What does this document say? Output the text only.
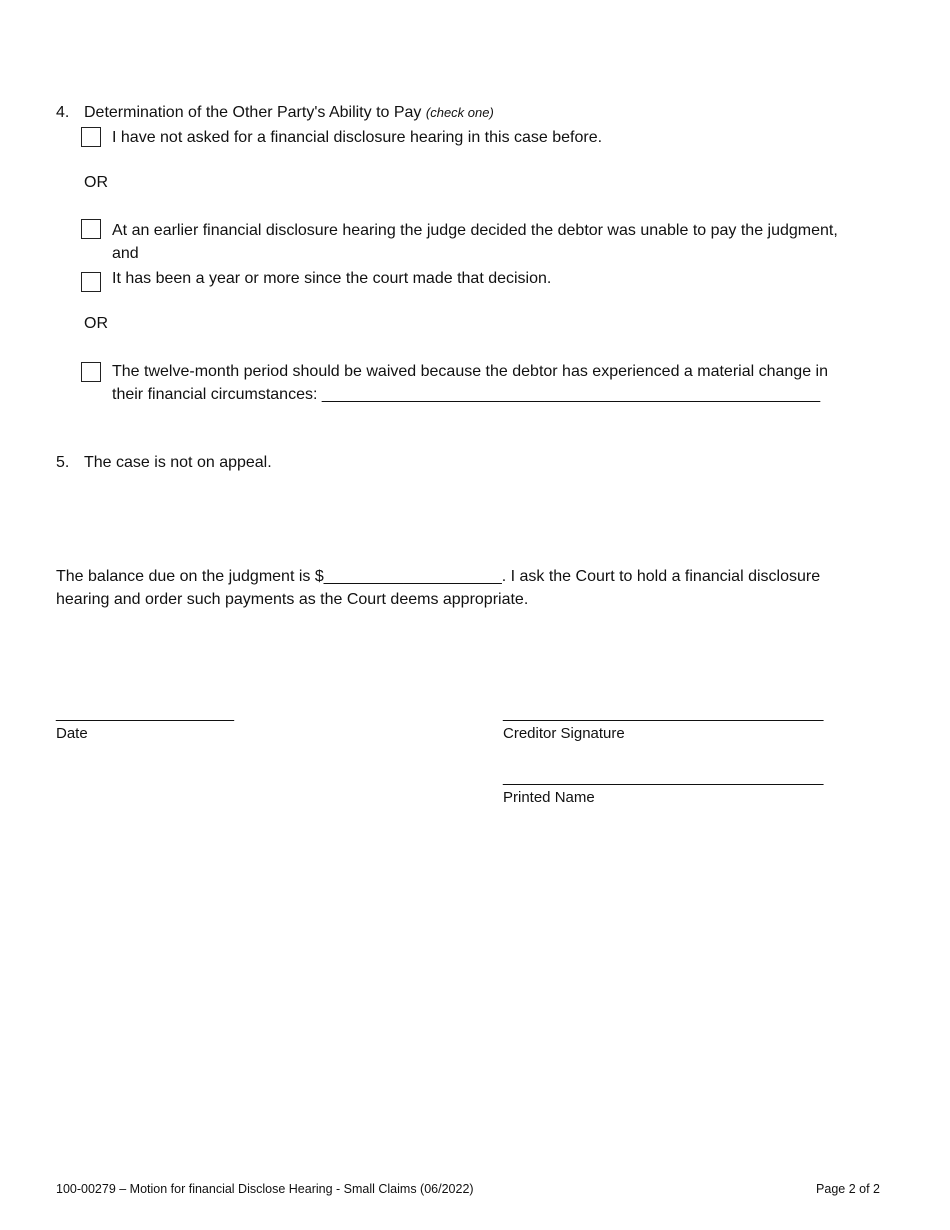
4. Determination of the Other Party's Ability to Pay (check one)
I have not asked for a financial disclosure hearing in this case before.
OR
At an earlier financial disclosure hearing the judge decided the debtor was unable to pay the judgment,
and
It has been a year or more since the court made that decision.
OR
The twelve-month period should be waived because the debtor has experienced a material change in
their financial circumstances: ________________________________________________________
5. The case is not on appeal.
The balance due on the judgment is $____________________. I ask the Court to hold a financial disclosure
hearing and order such payments as the Court deems appropriate.
____________________
Date
____________________________________
Creditor Signature
____________________________________
Printed Name
100-00279 – Motion for financial Disclose Hearing - Small Claims (06/2022)	Page 2 of 2
